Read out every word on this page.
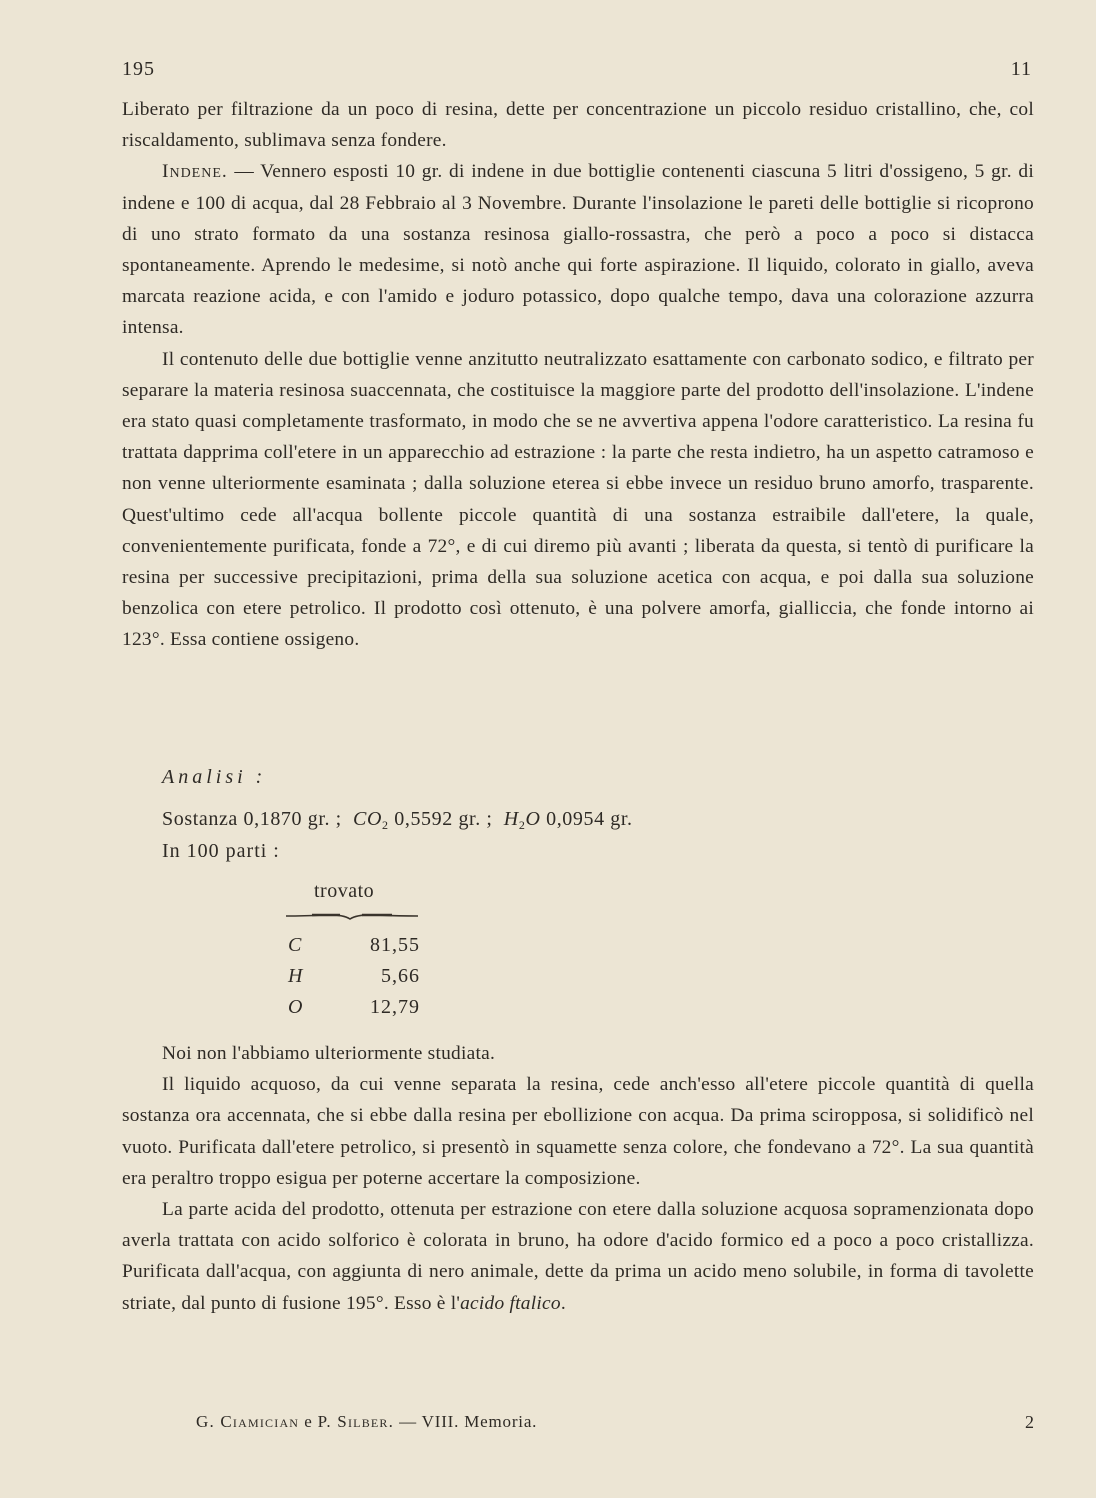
195	11

Liberato per filtrazione da un poco di resina, dette per concentrazione un piccolo residuo cristallino, che, col riscaldamento, sublimava senza fondere.

Indene. — Vennero esposti 10 gr. di indene in due bottiglie contenenti ciascuna 5 litri d'ossigeno, 5 gr. di indene e 100 di acqua, dal 28 Febbraio al 3 Novembre. Durante l'insolazione le pareti delle bottiglie si ricoprono di uno strato formato da una sostanza resinosa giallo-rossastra, che però a poco a poco si distacca spontaneamente. Aprendo le medesime, si notò anche qui forte aspirazione. Il liquido, colorato in giallo, aveva marcata reazione acida, e con l'amido e joduro potassico, dopo qualche tempo, dava una colorazione azzurra intensa.

Il contenuto delle due bottiglie venne anzitutto neutralizzato esattamente con carbonato sodico, e filtrato per separare la materia resinosa suaccennata, che costituisce la maggiore parte del prodotto dell'insolazione. L'indene era stato quasi completamente trasformato, in modo che se ne avvertiva appena l'odore caratteristico. La resina fu trattata dapprima coll'etere in un apparecchio ad estrazione : la parte che resta indietro, ha un aspetto catramoso e non venne ulteriormente esaminata ; dalla soluzione eterea si ebbe invece un residuo bruno amorfo, trasparente. Quest'ultimo cede all'acqua bollente piccole quantità di una sostanza estraibile dall'etere, la quale, convenientemente purificata, fonde a 72°, e di cui diremo più avanti ; liberata da questa, si tentò di purificare la resina per successive precipitazioni, prima della sua soluzione acetica con acqua, e poi dalla sua soluzione benzolica con etere petrolico. Il prodotto così ottenuto, è una polvere amorfa, gialliccia, che fonde intorno ai 123°. Essa contiene ossigeno.

Analisi :
Sostanza 0,1870 gr. ; $CO_2$ 0,5592 gr. ; $H_2O$ 0,0954 gr.
In 100 parti :
trovato
C	81,55
H	5,66
O	12,79

Noi non l'abbiamo ulteriormente studiata.

Il liquido acquoso, da cui venne separata la resina, cede anch'esso all'etere piccole quantità di quella sostanza ora accennata, che si ebbe dalla resina per ebollizione con acqua. Da prima sciropposa, si solidificò nel vuoto. Purificata dall'etere petrolico, si presentò in squamette senza colore, che fondevano a 72°. La sua quantità era peraltro troppo esigua per poterne accertare la composizione.

La parte acida del prodotto, ottenuta per estrazione con etere dalla soluzione acquosa sopramenzionata dopo averla trattata con acido solforico è colorata in bruno, ha odore d'acido formico ed a poco a poco cristallizza. Purificata dall'acqua, con aggiunta di nero animale, dette da prima un acido meno solubile, in forma di tavolette striate, dal punto di fusione 195°. Esso è l'acido ftalico.

G. Ciamician e P. Silber. — VIII. Memoria.	2
